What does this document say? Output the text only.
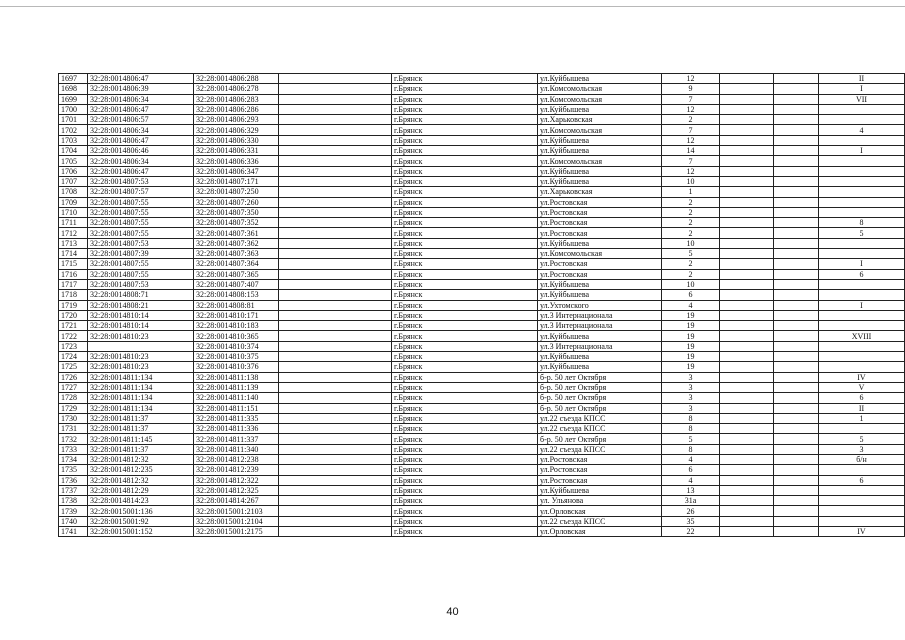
1697	32:28:0014806:47	32:28:0014806:288		г.Брянск	ул.Куйбышева	12			II
1698	32:28:0014806:39	32:28:0014806:278		г.Брянск	ул.Комсомольская	9			I
1699	32:28:0014806:34	32:28:0014806:283		г.Брянск	ул.Комсомольская	7			VII
1700	32:28:0014806:47	32:28:0014806:286		г.Брянск	ул.Куйбышева	12			
1701	32:28:0014806:57	32:28:0014806:293		г.Брянск	ул.Харьковская	2			
1702	32:28:0014806:34	32:28:0014806:329		г.Брянск	ул.Комсомольская	7			4
1703	32:28:0014806:47	32:28:0014806:330		г.Брянск	ул.Куйбышева	12			
1704	32:28:0014806:46	32:28:0014806:331		г.Брянск	ул.Куйбышева	14			I
1705	32:28:0014806:34	32:28:0014806:336		г.Брянск	ул.Комсомольская	7			
1706	32:28:0014806:47	32:28:0014806:347		г.Брянск	ул.Куйбышева	12			
1707	32:28:0014807:53	32:28:0014807:171		г.Брянск	ул.Куйбышева	10			
1708	32:28:0014807:57	32:28:0014807:250		г.Брянск	ул.Харьковская	1			
1709	32:28:0014807:55	32:28:0014807:260		г.Брянск	ул.Ростовская	2			
1710	32:28:0014807:55	32:28:0014807:350		г.Брянск	ул.Ростовская	2			
1711	32:28:0014807:55	32:28:0014807:352		г.Брянск	ул.Ростовская	2			8
1712	32:28:0014807:55	32:28:0014807:361		г.Брянск	ул.Ростовская	2			5
1713	32:28:0014807:53	32:28:0014807:362		г.Брянск	ул.Куйбышева	10			
1714	32:28:0014807:39	32:28:0014807:363		г.Брянск	ул.Комсомольская	5			
1715	32:28:0014807:55	32:28:0014807:364		г.Брянск	ул.Ростовская	2			I
1716	32:28:0014807:55	32:28:0014807:365		г.Брянск	ул.Ростовская	2			6
1717	32:28:0014807:53	32:28:0014807:407		г.Брянск	ул.Куйбышева	10			
1718	32:28:0014808:71	32:28:0014808:153		г.Брянск	ул.Куйбышева	6			
1719	32:28:0014808:21	32:28:0014808:81		г.Брянск	ул.Ухтомского	4			I
1720	32:28:0014810:14	32:28:0014810:171		г.Брянск	ул.3 Интернационала	19			
1721	32:28:0014810:14	32:28:0014810:183		г.Брянск	ул.3 Интернационала	19			
1722	32:28:0014810:23	32:28:0014810:365		г.Брянск	ул.Куйбышева	19			XVIII
1723		32:28:0014810:374		г.Брянск	ул.3 Интернационала	19			
1724	32:28:0014810:23	32:28:0014810:375		г.Брянск	ул.Куйбышева	19			
1725	32:28:0014810:23	32:28:0014810:376		г.Брянск	ул.Куйбышева	19			
1726	32:28:0014811:134	32:28:0014811:138		г.Брянск	б-р. 50 лет Октября	3			IV
1727	32:28:0014811:134	32:28:0014811:139		г.Брянск	б-р. 50 лет Октября	3			V
1728	32:28:0014811:134	32:28:0014811:140		г.Брянск	б-р. 50 лет Октября	3			6
1729	32:28:0014811:134	32:28:0014811:151		г.Брянск	б-р. 50 лет Октября	3			II
1730	32:28:0014811:37	32:28:0014811:335		г.Брянск	ул.22 съезда КПСС	8			1
1731	32:28:0014811:37	32:28:0014811:336		г.Брянск	ул.22 съезда КПСС	8			
1732	32:28:0014811:145	32:28:0014811:337		г.Брянск	б-р. 50 лет Октября	5			5
1733	32:28:0014811:37	32:28:0014811:340		г.Брянск	ул.22 съезда КПСС	8			3
1734	32:28:0014812:32	32:28:0014812:238		г.Брянск	ул.Ростовская	4			б/н
1735	32:28:0014812:235	32:28:0014812:239		г.Брянск	ул.Ростовская	6			
1736	32:28:0014812:32	32:28:0014812:322		г.Брянск	ул.Ростовская	4			6
1737	32:28:0014812:29	32:28:0014812:325		г.Брянск	ул.Куйбышева	13			
1738	32:28:0014814:23	32:28:0014814:267		г.Брянск	ул. Ульянова	31а			
1739	32:28:0015001:136	32:28:0015001:2103		г.Брянск	ул.Орловская	26			
1740	32:28:0015001:92	32:28:0015001:2104		г.Брянск	ул.22 съезда КПСС	35			
1741	32:28:0015001:152	32:28:0015001:2175		г.Брянск	ул.Орловская	22			IV
40
